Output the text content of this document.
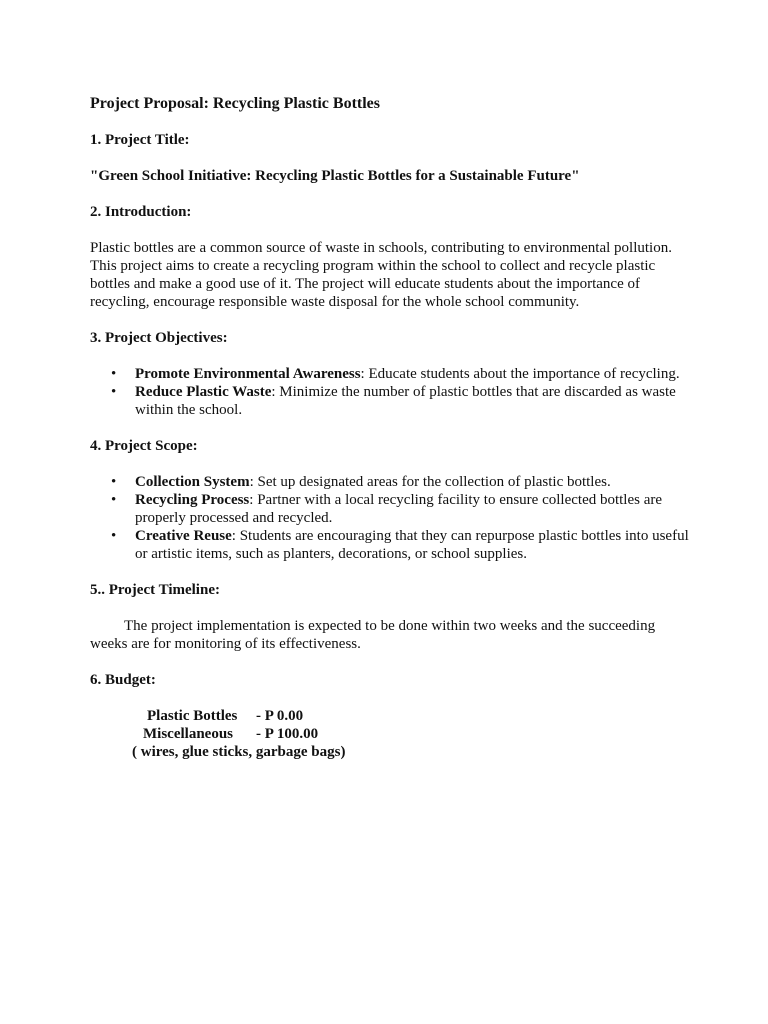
Project Proposal: Recycling Plastic Bottles
1. Project Title:
"Green School Initiative: Recycling Plastic Bottles for a Sustainable Future"
2. Introduction:
Plastic bottles are a common source of waste in schools, contributing to environmental pollution. This project aims to create a recycling program within the school to collect and recycle plastic bottles and make a good use of it. The project will educate students about the importance of recycling, encourage responsible waste disposal for the whole school community.
3. Project Objectives:
• Promote Environmental Awareness: Educate students about the importance of recycling.
• Reduce Plastic Waste: Minimize the number of plastic bottles that are discarded as waste within the school.
4. Project Scope:
• Collection System: Set up designated areas for the collection of plastic bottles.
• Recycling Process: Partner with a local recycling facility to ensure collected bottles are properly processed and recycled.
• Creative Reuse: Students are encouraging that they can repurpose plastic bottles into useful or artistic items, such as planters, decorations, or school supplies.
5.. Project Timeline:
The project implementation is expected to be done within two weeks and the succeeding weeks are for monitoring of its effectiveness.
6. Budget:
Plastic Bottles - P 0.00
Miscellaneous - P 100.00
( wires, glue sticks, garbage bags)
